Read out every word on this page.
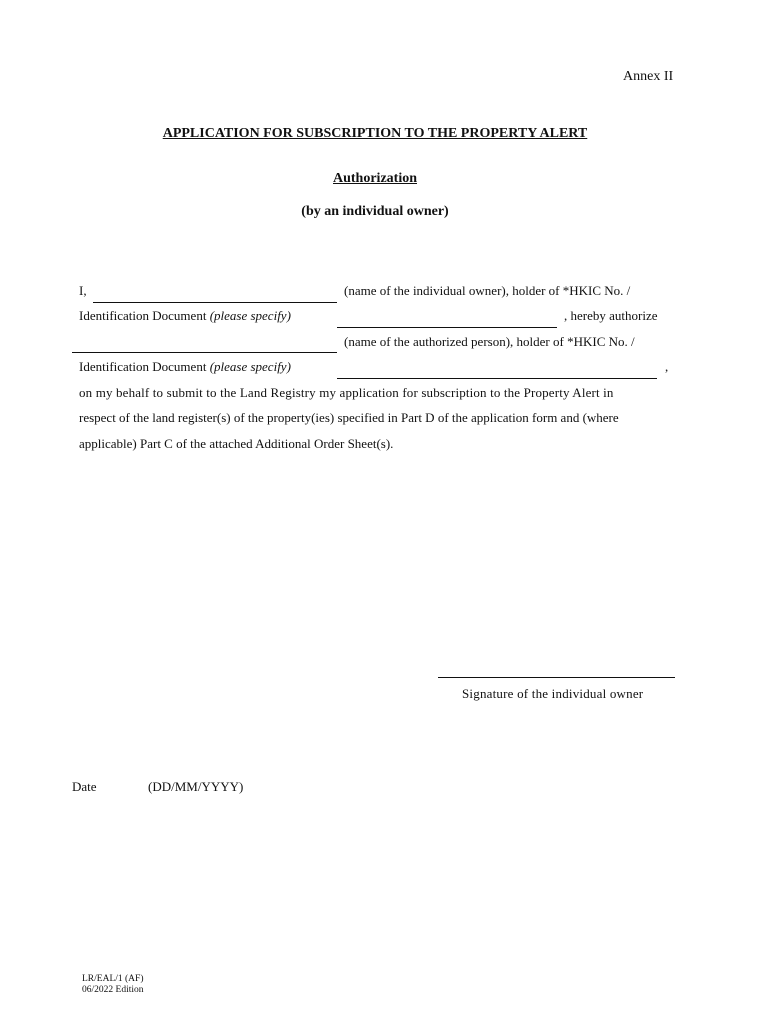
Annex II
APPLICATION FOR SUBSCRIPTION TO THE PROPERTY ALERT
Authorization
(by an individual owner)
I,	(name of the individual owner), holder of *HKIC No. /
Identification Document (please specify)	, hereby authorize
(name of the authorized person), holder of *HKIC No. /
Identification Document (please specify)	,
on my behalf to submit to the Land Registry my application for subscription to the Property Alert in
respect of the land register(s) of the property(ies) specified in Part D of the application form and (where
applicable) Part C of the attached Additional Order Sheet(s).
Signature of the individual owner
Date	(DD/MM/YYYY)
LR/EAL/1 (AF)
06/2022 Edition
